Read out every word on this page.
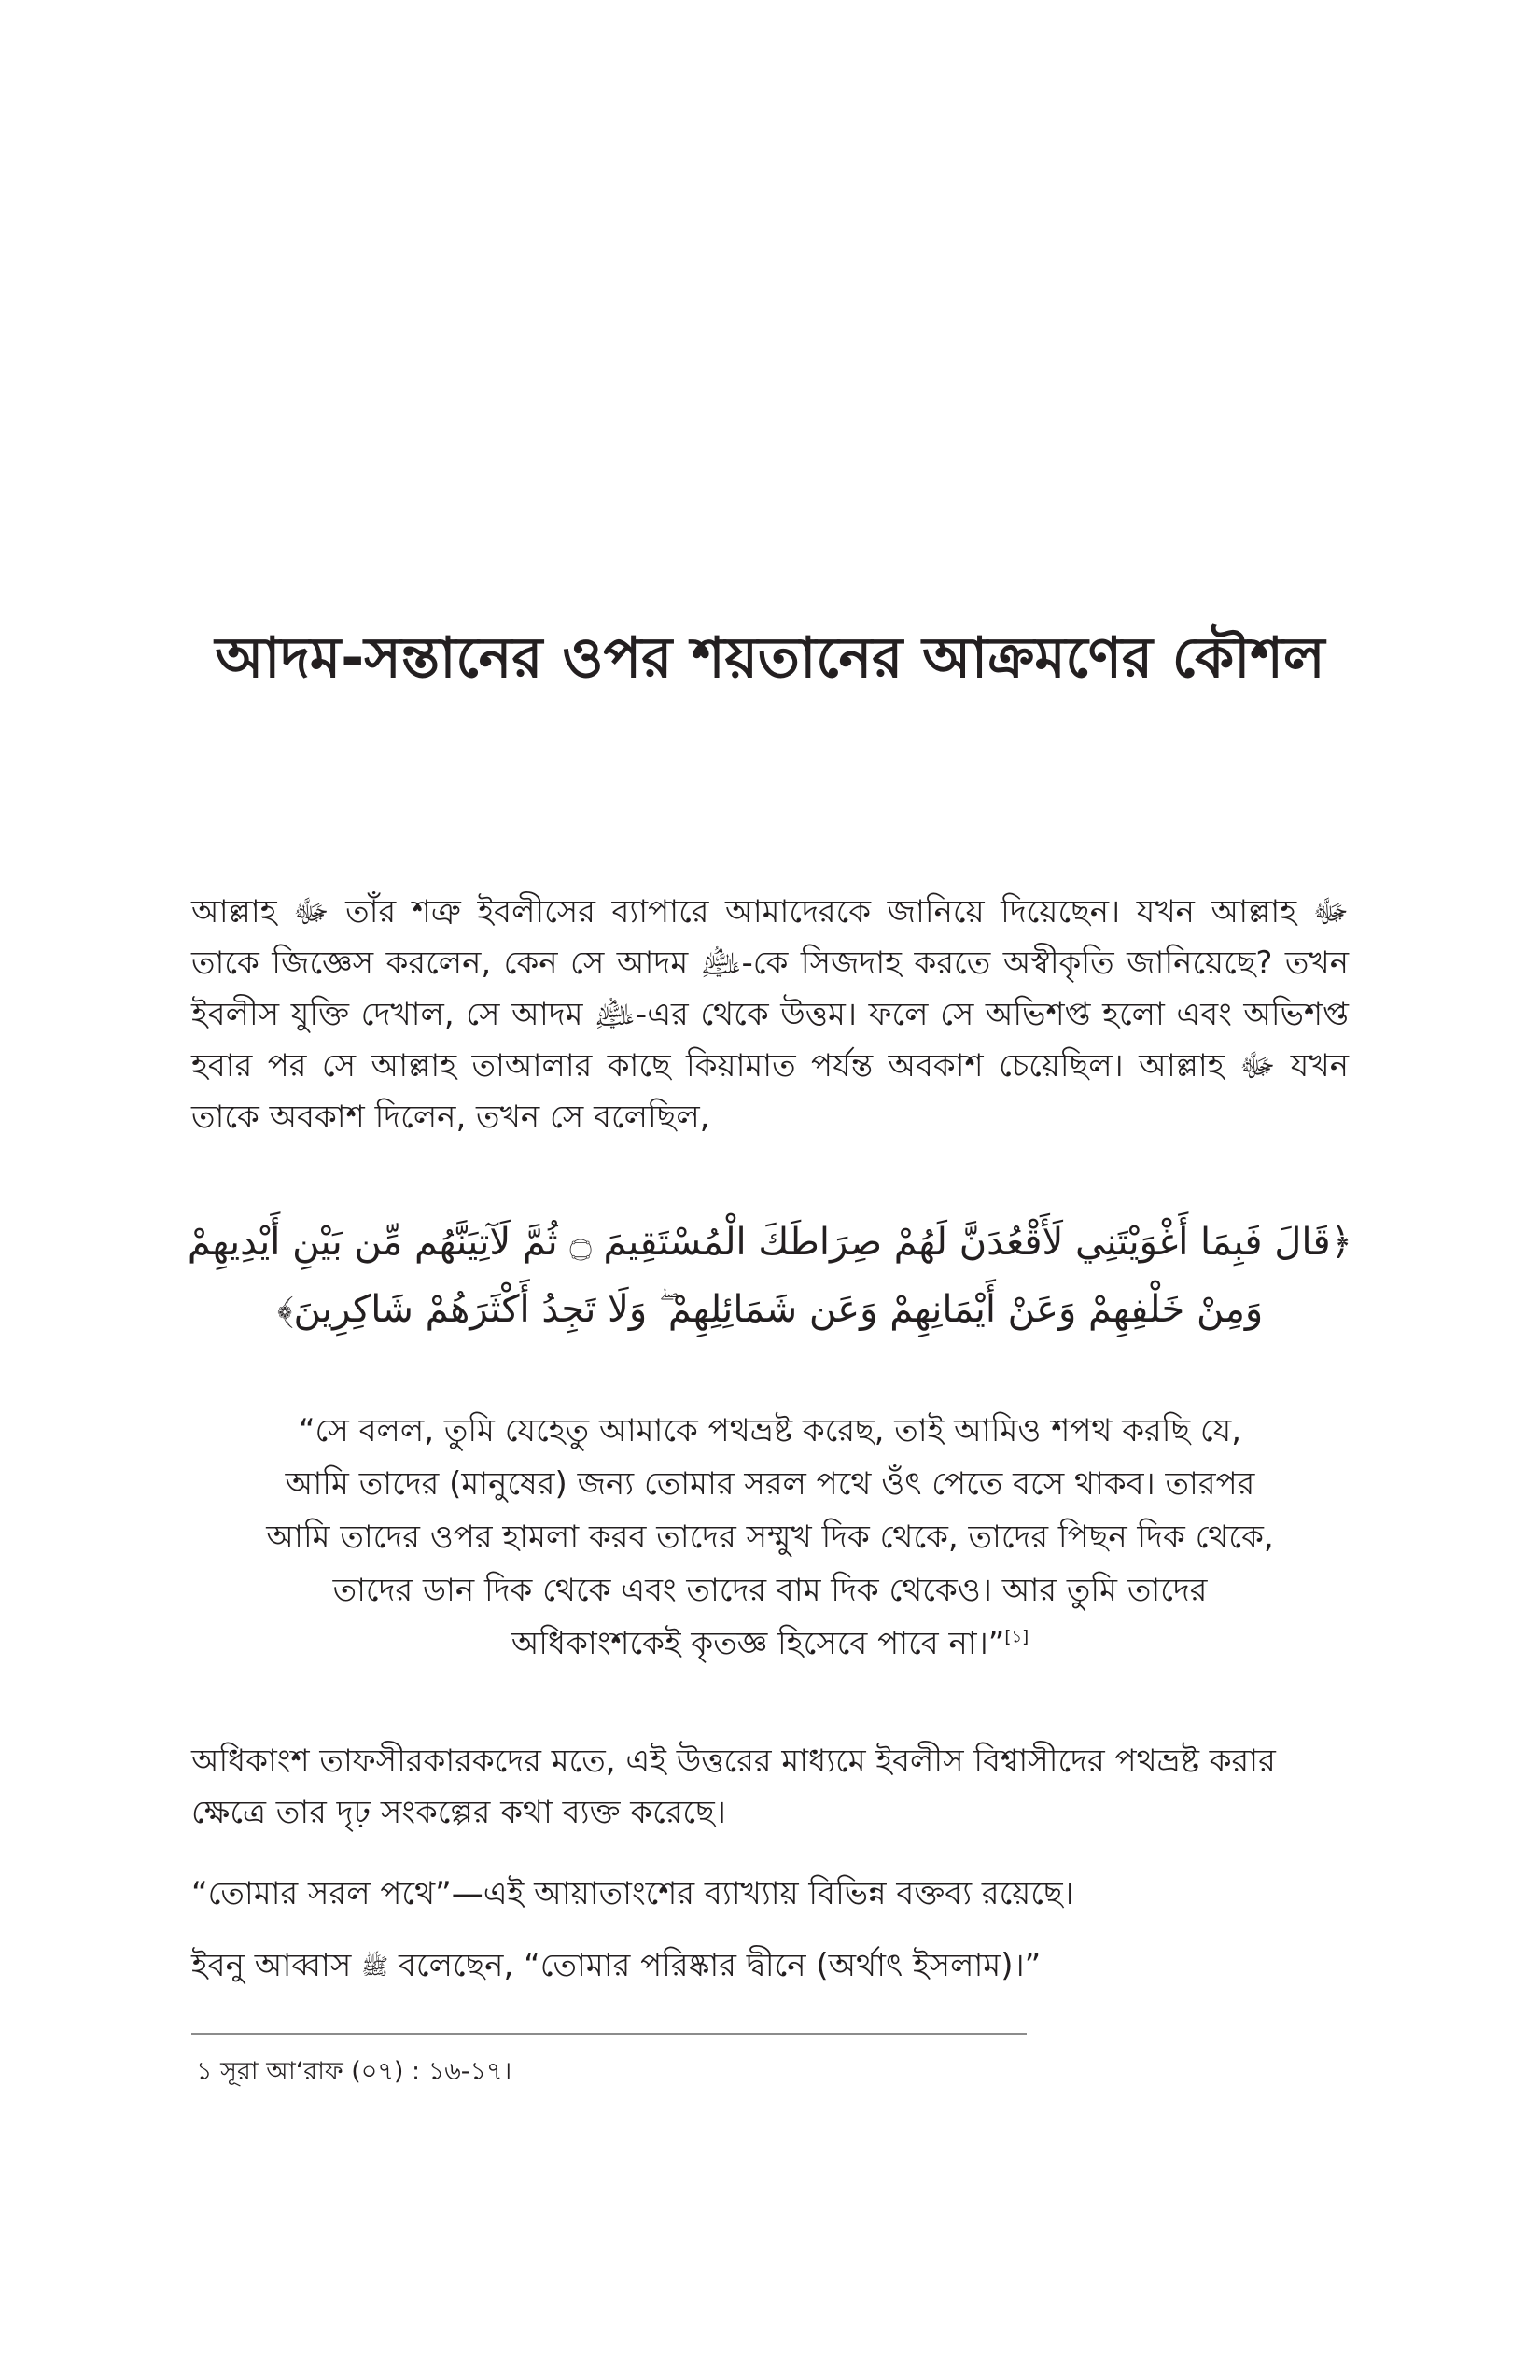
আদম-সন্তানের ওপর শয়তানের আক্রমণের কৌশল

আল্লাহ ﷻ তাঁর শত্রু ইবলীসের ব্যাপারে আমাদেরকে জানিয়ে দিয়েছেন। যখন আল্লাহ ﷻ তাকে জিজ্ঞেস করলেন, কেন সে আদম ﵇-কে সিজদাহ করতে অস্বীকৃতি জানিয়েছে? তখন ইবলীস যুক্তি দেখাল, সে আদম ﵇-এর থেকে উত্তম। ফলে সে অভিশপ্ত হলো এবং অভিশপ্ত হবার পর সে আল্লাহ তাআলার কাছে কিয়ামাত পর্যন্ত অবকাশ চেয়েছিল। আল্লাহ ﷻ যখন তাকে অবকাশ দিলেন, তখন সে বলেছিল,

﴿قَالَ فَبِمَا أَغْوَيْتَنِي لَأَقْعُدَنَّ لَهُمْ صِرَاطَكَ الْمُسْتَقِيمَ ۝ ثُمَّ لَآتِيَنَّهُم مِّن بَيْنِ أَيْدِيهِمْ وَمِنْ خَلْفِهِمْ وَعَنْ أَيْمَانِهِمْ وَعَن شَمَائِلِهِمْ ۖ وَلَا تَجِدُ أَكْثَرَهُمْ شَاكِرِينَ﴾

“সে বলল, তুমি যেহেতু আমাকে পথভ্রষ্ট করেছ, তাই আমিও শপথ করছি যে, আমি তাদের (মানুষের) জন্য তোমার সরল পথে ওঁৎ পেতে বসে থাকব। তারপর আমি তাদের ওপর হামলা করব তাদের সম্মুখ দিক থেকে, তাদের পিছন দিক থেকে, তাদের ডান দিক থেকে এবং তাদের বাম দিক থেকেও। আর তুমি তাদের অধিকাংশকেই কৃতজ্ঞ হিসেবে পাবে না।”[১]

অধিকাংশ তাফসীরকারকদের মতে, এই উত্তরের মাধ্যমে ইবলীস বিশ্বাসীদের পথভ্রষ্ট করার ক্ষেত্রে তার দৃঢ় সংকল্পের কথা ব্যক্ত করেছে।

“তোমার সরল পথে”—এই আয়াতাংশের ব্যাখ্যায় বিভিন্ন বক্তব্য রয়েছে।

ইবনু আব্বাস ﷺ বলেছেন, “তোমার পরিষ্কার দ্বীনে (অর্থাৎ ইসলাম)।”

১ সূরা আ‘রাফ (০৭) : ১৬-১৭।
